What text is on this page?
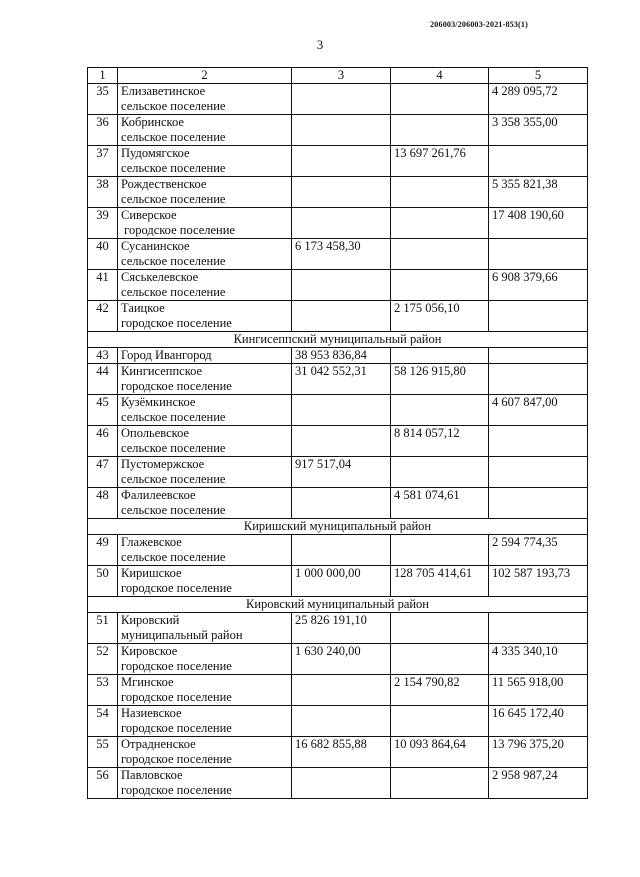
206003/206003-2021-853(1)
3
1	2	3	4	5
35	Елизаветинское
сельское поселение			4 289 095,72
36	Кобринское
сельское поселение			3 358 355,00
37	Пудомягское
сельское поселение		13 697 261,76	
38	Рождественское
сельское поселение			5 355 821,38
39	Сиверское
городское поселение			17 408 190,60
40	Сусанинское
сельское поселение	6 173 458,30		
41	Сяськелевское
сельское поселение			6 908 379,66
42	Таицкое
городское поселение		2 175 056,10	
Кингисеппский муниципальный район				
43	Город Ивангород	38 953 836,84		
44	Кингисеппское
городское поселение	31 042 552,31	58 126 915,80	
45	Кузёмкинское
сельское поселение			4 607 847,00
46	Опольевское
сельское поселение		8 814 057,12	
47	Пустомержское
сельское поселение	917 517,04		
48	Фалилеевское
сельское поселение		4 581 074,61	
Киришский муниципальный район				
49	Глажевское
сельское поселение			2 594 774,35
50	Киришское
городское поселение	1 000 000,00	128 705 414,61	102 587 193,73
Кировский муниципальный район				
51	Кировский
муниципальный район	25 826 191,10		
52	Кировское
городское поселение	1 630 240,00		4 335 340,10
53	Мгинское
городское поселение		2 154 790,82	11 565 918,00
54	Назиевское
городское поселение			16 645 172,40
55	Отрадненское
городское поселение	16 682 855,88	10 093 864,64	13 796 375,20
56	Павловское
городское поселение			2 958 987,24
